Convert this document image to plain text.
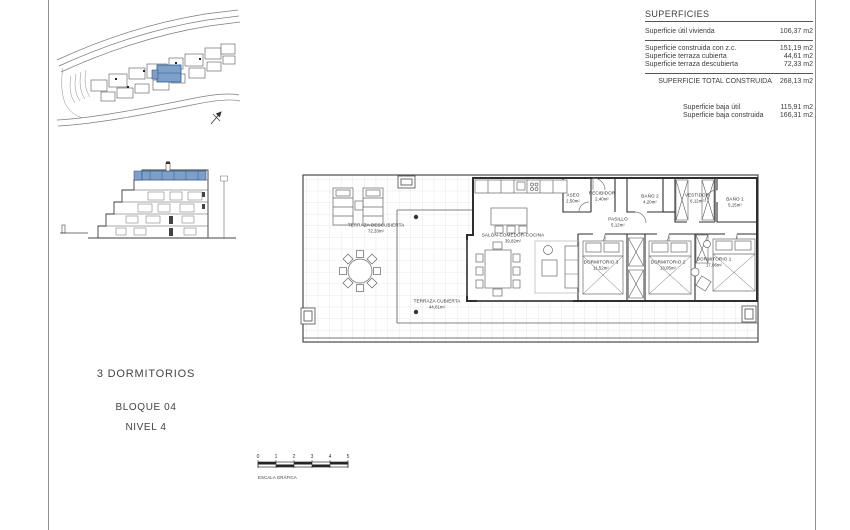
3 DORMITORIOS
BLOQUE 04
NIVEL 4
SUPERFICIES
Superficie útil vivienda	106,37 m2
Superficie construida con z.c.	151,19 m2
Superficie terraza cubierta	44,61 m2
Superficie terraza descubierta	72,33 m2
SUPERFICIE TOTAL CONSTRUIDA 268,13 m2
Superficie baja útil	115,91 m2
Superficie baja construida	166,31 m2
TERRAZA DESCUBIERTA
72,33m²
TERRAZA CUBIERTA
44,61m²
SALÓN-COMEDOR-COCINA
39,82m²
ASEO
2,50m²
RECIBIDOR
2,40m²
PASILLO
5,12m²
BAÑO 2
4,20m²
VESTIDOR
6,12m²	BAÑO 1
5,15m²
DORMITORIO 3
11,52m²
DORMITORIO 2
13,05m²
DORMITORIO 1
17,06m²
0	1	2	3	4	5
ESCALA GRÁFICA
